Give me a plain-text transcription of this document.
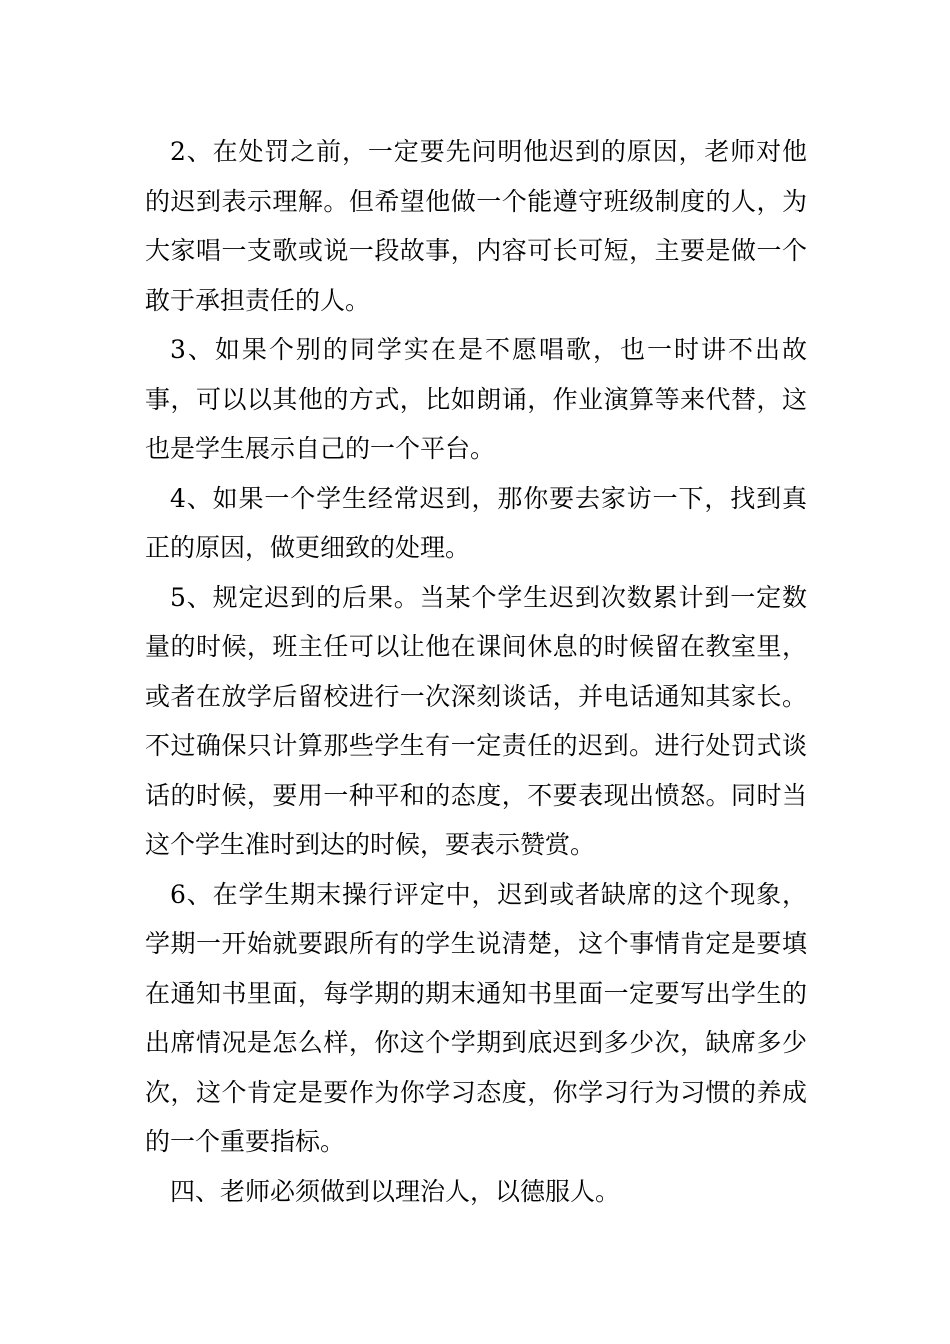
2、在处罚之前，一定要先问明他迟到的原因，老师对他的迟到表示理解。但希望他做一个能遵守班级制度的人，为大家唱一支歌或说一段故事，内容可长可短，主要是做一个敢于承担责任的人。

3、如果个别的同学实在是不愿唱歌，也一时讲不出故事，可以以其他的方式，比如朗诵，作业演算等来代替，这也是学生展示自己的一个平台。

4、如果一个学生经常迟到，那你要去家访一下，找到真正的原因，做更细致的处理。

5、规定迟到的后果。当某个学生迟到次数累计到一定数量的时候，班主任可以让他在课间休息的时候留在教室里，或者在放学后留校进行一次深刻谈话，并电话通知其家长。不过确保只计算那些学生有一定责任的迟到。进行处罚式谈话的时候，要用一种平和的态度，不要表现出愤怒。同时当这个学生准时到达的时候，要表示赞赏。

6、在学生期末操行评定中，迟到或者缺席的这个现象，学期一开始就要跟所有的学生说清楚，这个事情肯定是要填在通知书里面，每学期的期末通知书里面一定要写出学生的出席情况是怎么样，你这个学期到底迟到多少次，缺席多少次，这个肯定是要作为你学习态度，你学习行为习惯的养成的一个重要指标。

四、老师必须做到以理治人，以德服人。
